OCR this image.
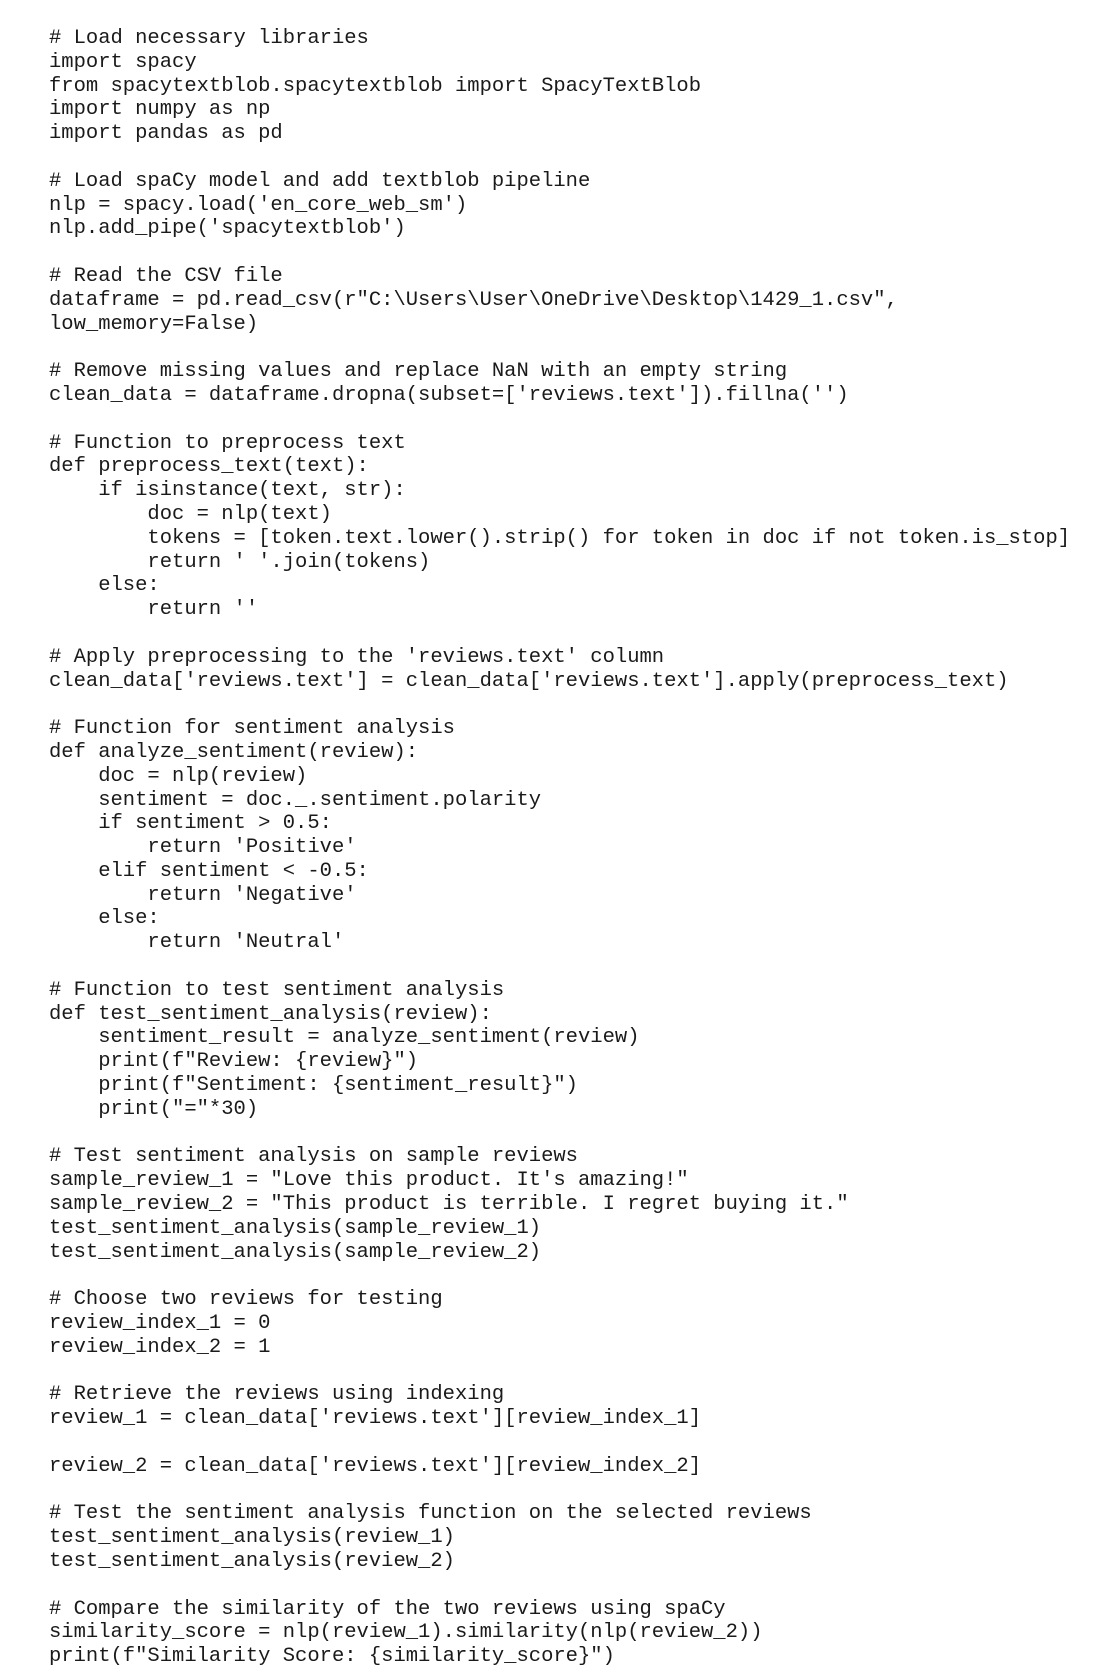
# Load necessary libraries
import spacy
from spacytextblob.spacytextblob import SpacyTextBlob
import numpy as np
import pandas as pd
# Load spaCy model and add textblob pipeline
nlp = spacy.load('en_core_web_sm')
nlp.add_pipe('spacytextblob')
# Read the CSV file
dataframe = pd.read_csv(r"C:\Users\User\OneDrive\Desktop\1429_1.csv",
low_memory=False)
# Remove missing values and replace NaN with an empty string
clean_data = dataframe.dropna(subset=['reviews.text']).fillna('')
# Function to preprocess text
def preprocess_text(text):
if isinstance(text, str):
doc = nlp(text)
tokens = [token.text.lower().strip() for token in doc if not token.is_stop]
return ' '.join(tokens)
else:
return ''
# Apply preprocessing to the 'reviews.text' column
clean_data['reviews.text'] = clean_data['reviews.text'].apply(preprocess_text)
# Function for sentiment analysis
def analyze_sentiment(review):
doc = nlp(review)
sentiment = doc._.sentiment.polarity
if sentiment > 0.5:
return 'Positive'
elif sentiment < -0.5:
return 'Negative'
else:
return 'Neutral'
# Function to test sentiment analysis
def test_sentiment_analysis(review):
sentiment_result = analyze_sentiment(review)
print(f"Review: {review}")
print(f"Sentiment: {sentiment_result}")
print("="*30)
# Test sentiment analysis on sample reviews
sample_review_1 = "Love this product. It's amazing!"
sample_review_2 = "This product is terrible. I regret buying it."
test_sentiment_analysis(sample_review_1)
test_sentiment_analysis(sample_review_2)
# Choose two reviews for testing
review_index_1 = 0
review_index_2 = 1
# Retrieve the reviews using indexing
review_1 = clean_data['reviews.text'][review_index_1]
review_2 = clean_data['reviews.text'][review_index_2]
# Test the sentiment analysis function on the selected reviews
test_sentiment_analysis(review_1)
test_sentiment_analysis(review_2)
# Compare the similarity of the two reviews using spaCy
similarity_score = nlp(review_1).similarity(nlp(review_2))
print(f"Similarity Score: {similarity_score}")
